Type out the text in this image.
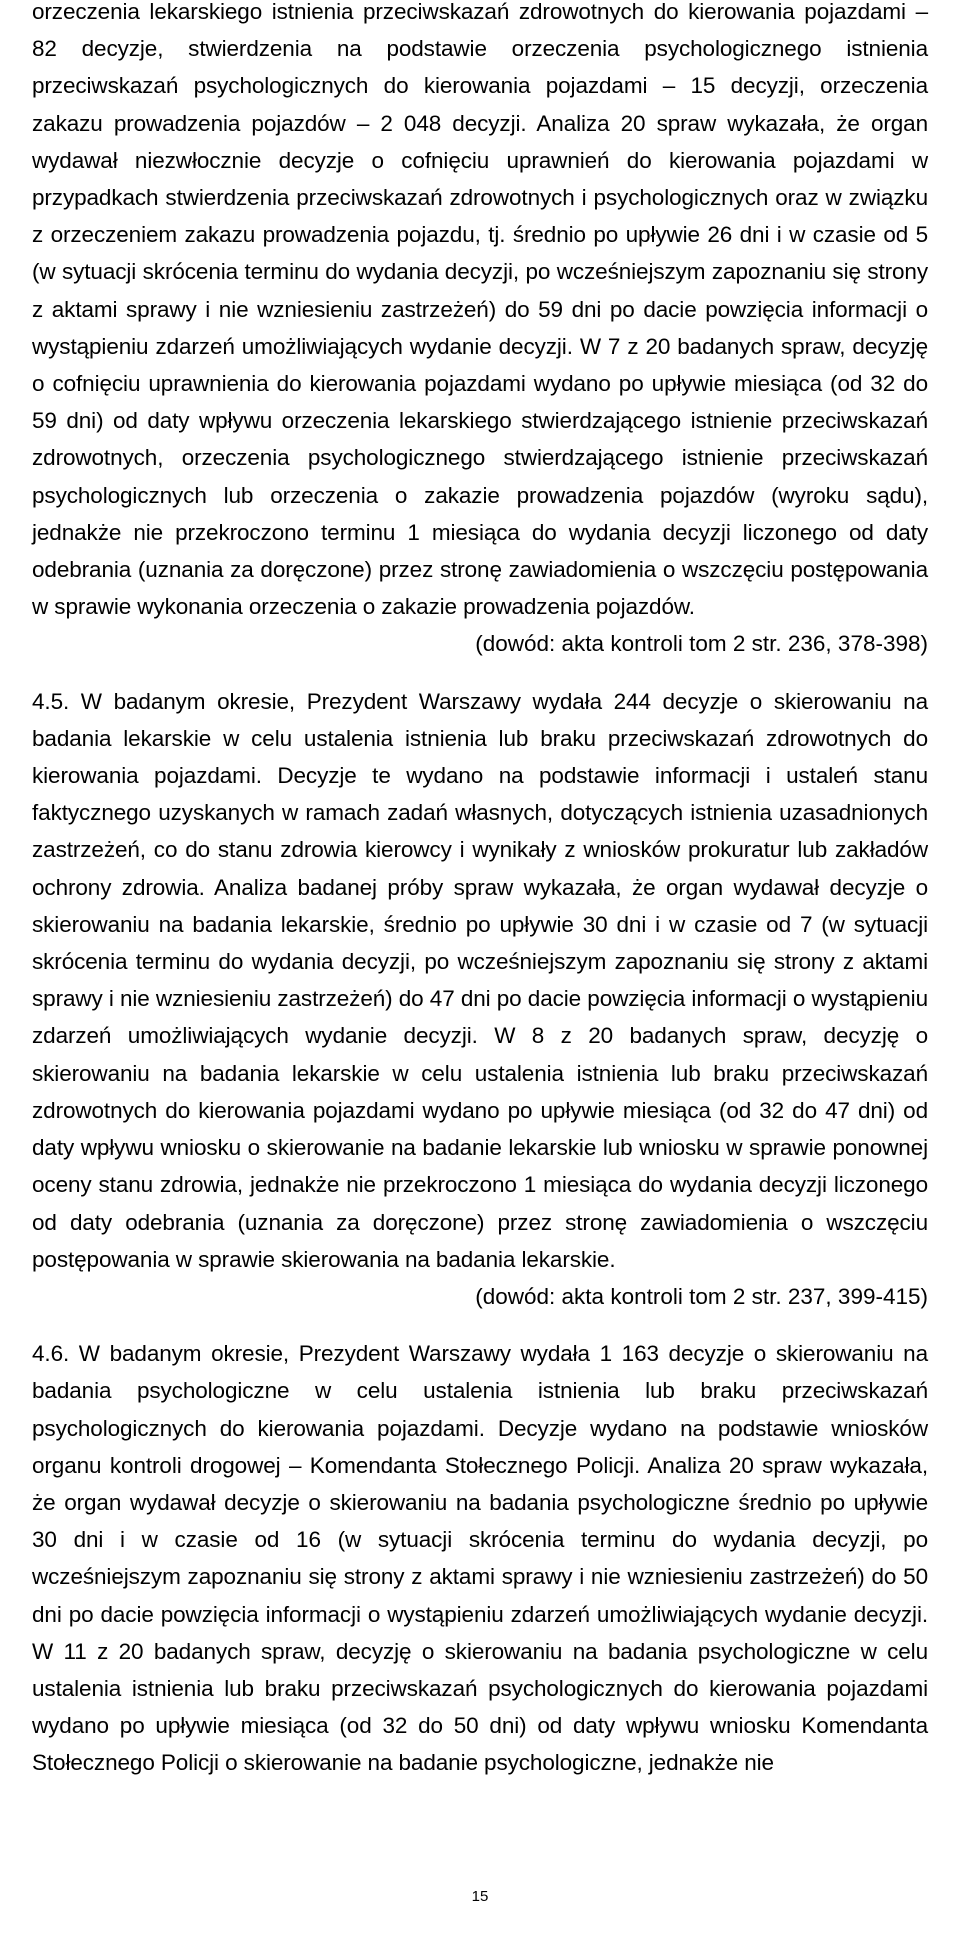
orzeczenia lekarskiego istnienia przeciwskazań zdrowotnych do kierowania pojazdami – 82 decyzje, stwierdzenia na podstawie orzeczenia psychologicznego istnienia przeciwskazań psychologicznych do kierowania pojazdami – 15 decyzji, orzeczenia zakazu prowadzenia pojazdów – 2 048 decyzji. Analiza 20 spraw wykazała, że organ wydawał niezwłocznie decyzje o cofnięciu uprawnień do kierowania pojazdami w przypadkach stwierdzenia przeciwskazań zdrowotnych i psychologicznych oraz w związku z orzeczeniem zakazu prowadzenia pojazdu, tj. średnio po upływie 26 dni i w czasie od 5 (w sytuacji skrócenia terminu do wydania decyzji, po wcześniejszym zapoznaniu się strony z aktami sprawy i nie wzniesieniu zastrzeżeń) do 59 dni po dacie powzięcia informacji o wystąpieniu zdarzeń umożliwiających wydanie decyzji. W 7 z 20 badanych spraw, decyzję o cofnięciu uprawnienia do kierowania pojazdami wydano po upływie miesiąca (od 32 do 59 dni) od daty wpływu orzeczenia lekarskiego stwierdzającego istnienie przeciwskazań zdrowotnych, orzeczenia psychologicznego stwierdzającego istnienie przeciwskazań psychologicznych lub orzeczenia o zakazie prowadzenia pojazdów (wyroku sądu), jednakże nie przekroczono terminu 1 miesiąca do wydania decyzji liczonego od daty odebrania (uznania za doręczone) przez stronę zawiadomienia o wszczęciu postępowania w sprawie wykonania orzeczenia o zakazie prowadzenia pojazdów.

(dowód: akta kontroli tom 2 str. 236, 378-398)

4.5. W badanym okresie, Prezydent Warszawy wydała 244 decyzje o skierowaniu na badania lekarskie w celu ustalenia istnienia lub braku przeciwskazań zdrowotnych do kierowania pojazdami. Decyzje te wydano na podstawie informacji i ustaleń stanu faktycznego uzyskanych w ramach zadań własnych, dotyczących istnienia uzasadnionych zastrzeżeń, co do stanu zdrowia kierowcy i wynikały z wniosków prokuratur lub zakładów ochrony zdrowia. Analiza badanej próby spraw wykazała, że organ wydawał decyzje o skierowaniu na badania lekarskie, średnio po upływie 30 dni i w czasie od 7 (w sytuacji skrócenia terminu do wydania decyzji, po wcześniejszym zapoznaniu się strony z aktami sprawy i nie wzniesieniu zastrzeżeń) do 47 dni po dacie powzięcia informacji o wystąpieniu zdarzeń umożliwiających wydanie decyzji. W 8 z 20 badanych spraw, decyzję o skierowaniu na badania lekarskie w celu ustalenia istnienia lub braku przeciwskazań zdrowotnych do kierowania pojazdami wydano po upływie miesiąca (od 32 do 47 dni) od daty wpływu wniosku o skierowanie na badanie lekarskie lub wniosku w sprawie ponownej oceny stanu zdrowia, jednakże nie przekroczono 1 miesiąca do wydania decyzji liczonego od daty odebrania (uznania za doręczone) przez stronę zawiadomienia o wszczęciu postępowania w sprawie skierowania na badania lekarskie.

(dowód: akta kontroli tom 2 str. 237, 399-415)

4.6. W badanym okresie, Prezydent Warszawy wydała 1 163 decyzje o skierowaniu na badania psychologiczne w celu ustalenia istnienia lub braku przeciwskazań psychologicznych do kierowania pojazdami. Decyzje wydano na podstawie wniosków organu kontroli drogowej – Komendanta Stołecznego Policji. Analiza 20 spraw wykazała, że organ wydawał decyzje o skierowaniu na badania psychologiczne średnio po upływie 30 dni i w czasie od 16 (w sytuacji skrócenia terminu do wydania decyzji, po wcześniejszym zapoznaniu się strony z aktami sprawy i nie wzniesieniu zastrzeżeń) do 50 dni po dacie powzięcia informacji o wystąpieniu zdarzeń umożliwiających wydanie decyzji. W 11 z 20 badanych spraw, decyzję o skierowaniu na badania psychologiczne w celu ustalenia istnienia lub braku przeciwskazań psychologicznych do kierowania pojazdami wydano po upływie miesiąca (od 32 do 50 dni) od daty wpływu wniosku Komendanta Stołecznego Policji o skierowanie na badanie psychologiczne, jednakże nie

15
